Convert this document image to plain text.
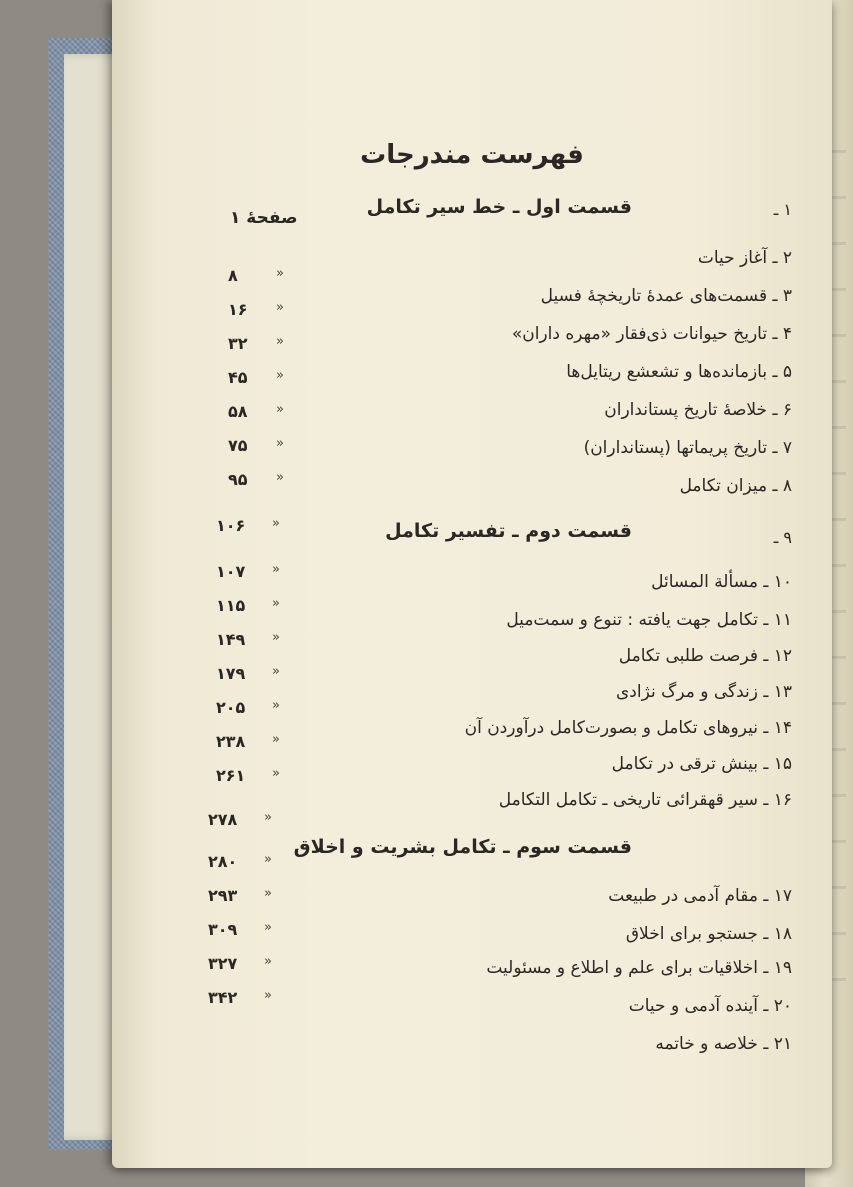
فهرست مندرجات
صفحهٔ ۱	۱ ـ
قسمت اول ـ خط سیر تکامل
۲ ـ آغاز حیات
۳ ـ قسمت‌های عمدهٔ تاریخچهٔ فسیل
۴ ـ تاریخ حیوانات ذی‌فقار «مهره داران»
۵ ـ بازمانده‌ها و تشعشع ریتایل‌ها
۶ ـ خلاصهٔ تاریخ پستانداران
۷ ـ تاریخ پریماتها (پستانداران)
۸ ـ میزان تکامل
۹ ـ
قسمت دوم ـ تفسیر تکامل
۱۰ ـ مسألة المسائل
۱۱ ـ تکامل جهت یافته : تنوع و سمت‌میل
۱۲ ـ فرصت طلبی تکامل
۱۳ ـ زندگی و مرگ نژادی
۱۴ ـ نیروهای تکامل و بصورت‌کامل درآوردن آن
۱۵ ـ بینش ترقی در تکامل
۱۶ ـ سیر قهقرائی تاریخی ـ تکامل التکامل
قسمت سوم ـ تکامل بشریت و اخلاق
۱۷ ـ مقام آدمی در طبیعت
۱۸ ـ جستجو برای اخلاق
۱۹ ـ اخلاقیات برای علم و اطلاع و مسئولیت
۲۰ ـ آینده آدمی و حیات
۲۱ ـ خلاصه و خاتمه
۸
۱۶
۳۲
۴۵
۵۸
۷۵
۹۵
۱۰۶
۱۰۷
۱۱۵
۱۴۹
۱۷۹
۲۰۵
۲۳۸
۲۶۱
۲۷۸
۲۸۰
۲۹۳
۳۰۹
۳۲۷
۳۴۲
»
»
»
»
»
»
»
»
»
»
»
»
»
»
»
»
»
»
»
»
»
